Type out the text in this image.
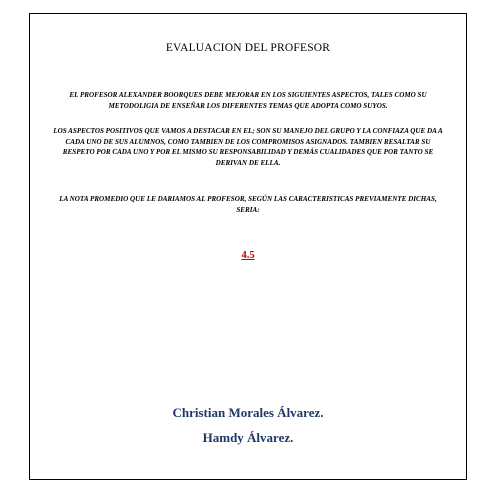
EVALUACION DEL PROFESOR

EL PROFESOR ALEXANDER BOORQUES DEBE MEJORAR EN LOS SIGUIENTES ASPECTOS, TALES COMO SU METODOLIGIA DE ENSEÑAR LOS DIFERENTES TEMAS QUE ADOPTA COMO SUYOS.

LOS ASPECTOS POSITIVOS QUE VAMOS A DESTACAR EN EL; SON SU MANEJO DEL GRUPO Y LA CONFIAZA QUE DA A CADA UNO DE SUS ALUMNOS, COMO TAMBIEN DE LOS COMPROMISOS ASIGNADOS. TAMBIEN RESALTAR SU RESPETO POR CADA UNO Y POR EL MISMO SU RESPONSABILIDAD Y DEMÁS CUALIDADES QUE POR TANTO SE DERIVAN DE ELLA.

LA NOTA PROMEDIO QUE LE DARIAMOS AL PROFESOR, SEGÚN LAS CARACTERISTICAS PREVIAMENTE DICHAS, SERIA:

4.5
Christian Morales Álvarez.
Hamdy Álvarez.
